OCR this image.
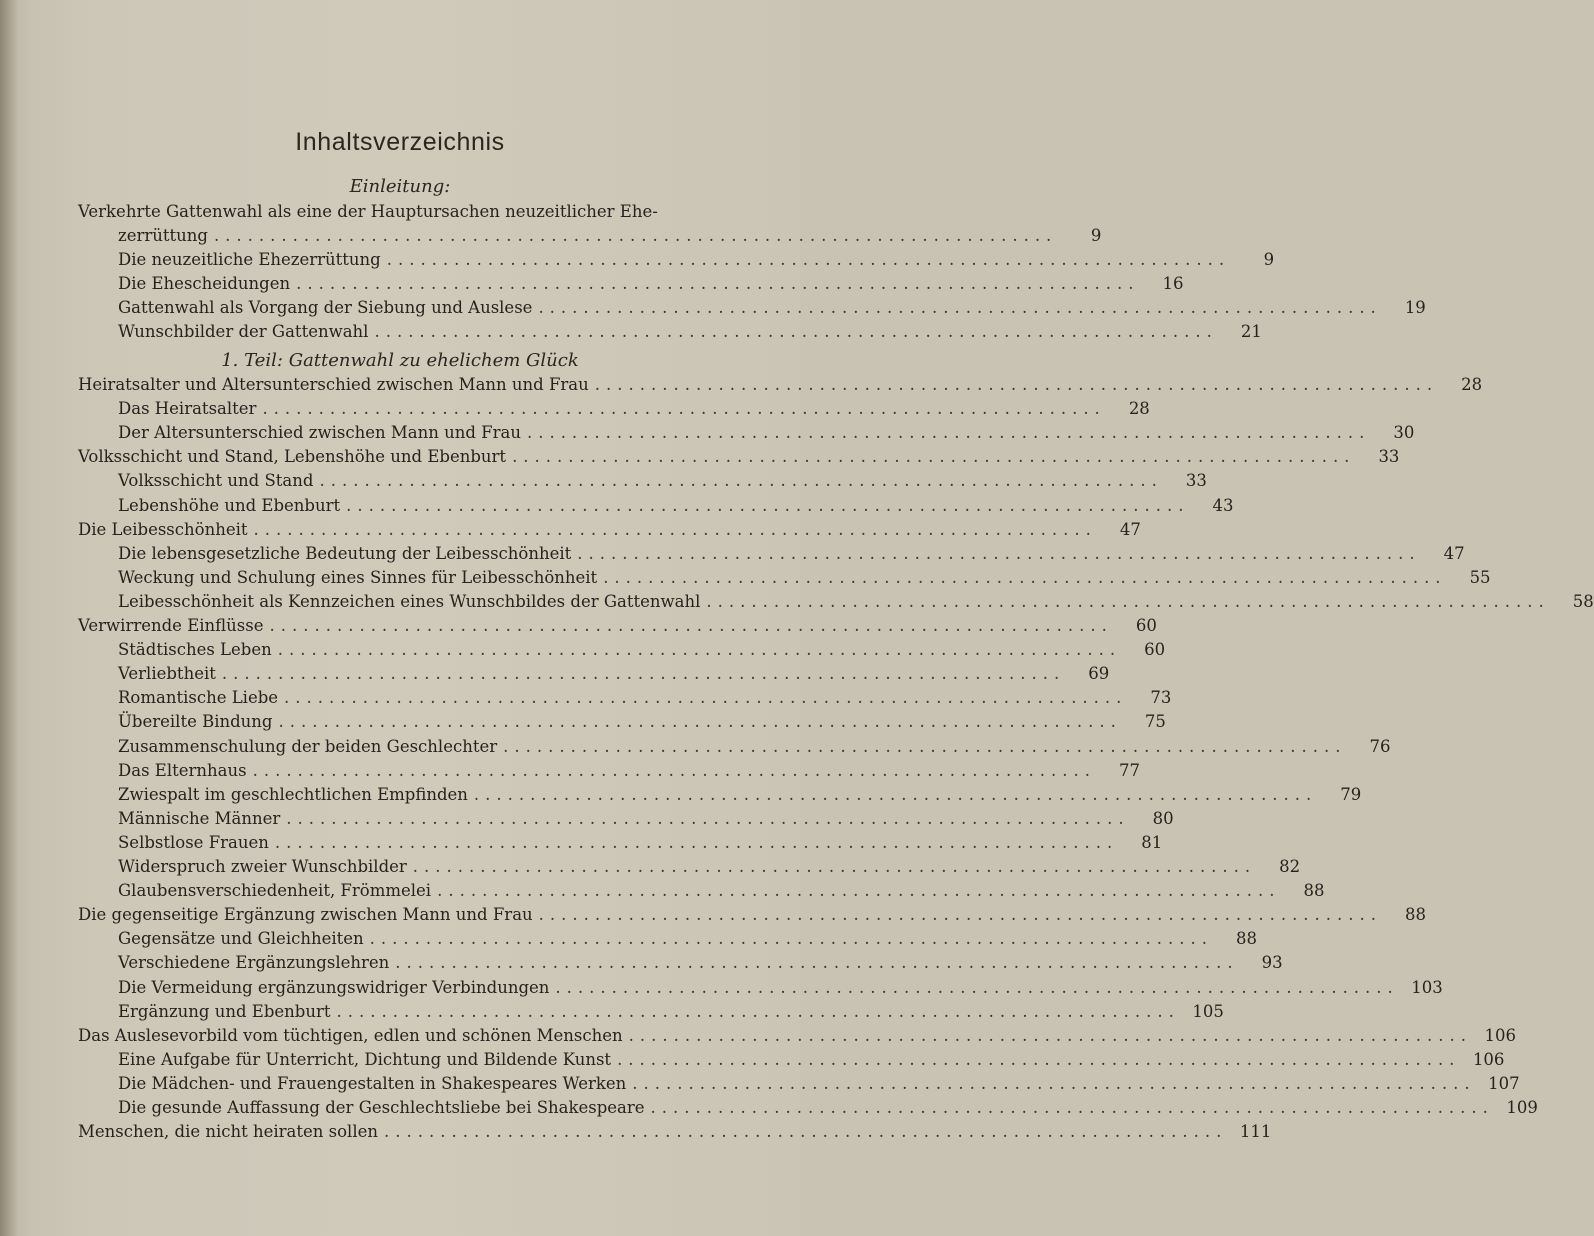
Inhaltsverzeichnis
Einleitung:
Verkehrte Gattenwahl als eine der Hauptursachen neuzeitlicher Ehe-
zerrüttung ...........................................................................	9
Die neuzeitliche Ehezerrüttung ...........................................................................	9
Die Ehescheidungen ...........................................................................	16
Gattenwahl als Vorgang der Siebung und Auslese ...........................................................................	19
Wunschbilder der Gattenwahl ...........................................................................	21
1. Teil: Gattenwahl zu ehelichem Glück
Heiratsalter und Altersunterschied zwischen Mann und Frau ...........................................................................	28
Das Heiratsalter ...........................................................................	28
Der Altersunterschied zwischen Mann und Frau ...........................................................................	30
Volksschicht und Stand, Lebenshöhe und Ebenburt ...........................................................................	33
Volksschicht und Stand ...........................................................................	33
Lebenshöhe und Ebenburt ...........................................................................	43
Die Leibesschönheit ...........................................................................	47
Die lebensgesetzliche Bedeutung der Leibesschönheit ...........................................................................	47
Weckung und Schulung eines Sinnes für Leibesschönheit ...........................................................................	55
Leibesschönheit als Kennzeichen eines Wunschbildes der Gattenwahl ...........................................................................	58
Verwirrende Einflüsse ...........................................................................	60
Städtisches Leben ...........................................................................	60
Verliebtheit ...........................................................................	69
Romantische Liebe ...........................................................................	73
Übereilte Bindung ...........................................................................	75
Zusammenschulung der beiden Geschlechter ...........................................................................	76
Das Elternhaus ...........................................................................	77
Zwiespalt im geschlechtlichen Empfinden ...........................................................................	79
Männische Männer ...........................................................................	80
Selbstlose Frauen ...........................................................................	81
Widerspruch zweier Wunschbilder ...........................................................................	82
Glaubensverschiedenheit, Frömmelei ...........................................................................	88
Die gegenseitige Ergänzung zwischen Mann und Frau ...........................................................................	88
Gegensätze und Gleichheiten ...........................................................................	88
Verschiedene Ergänzungslehren ...........................................................................	93
Die Vermeidung ergänzungswidriger Verbindungen ........................................................................... 103
Ergänzung und Ebenburt ........................................................................... 105
Das Auslesevorbild vom tüchtigen, edlen und schönen Menschen ........................................................................... 106
Eine Aufgabe für Unterricht, Dichtung und Bildende Kunst ........................................................................... 106
Die Mädchen- und Frauengestalten in Shakespeares Werken ........................................................................... 107
Die gesunde Auffassung der Geschlechtsliebe bei Shakespeare ........................................................................... 109
Menschen, die nicht heiraten sollen ........................................................................... 111
